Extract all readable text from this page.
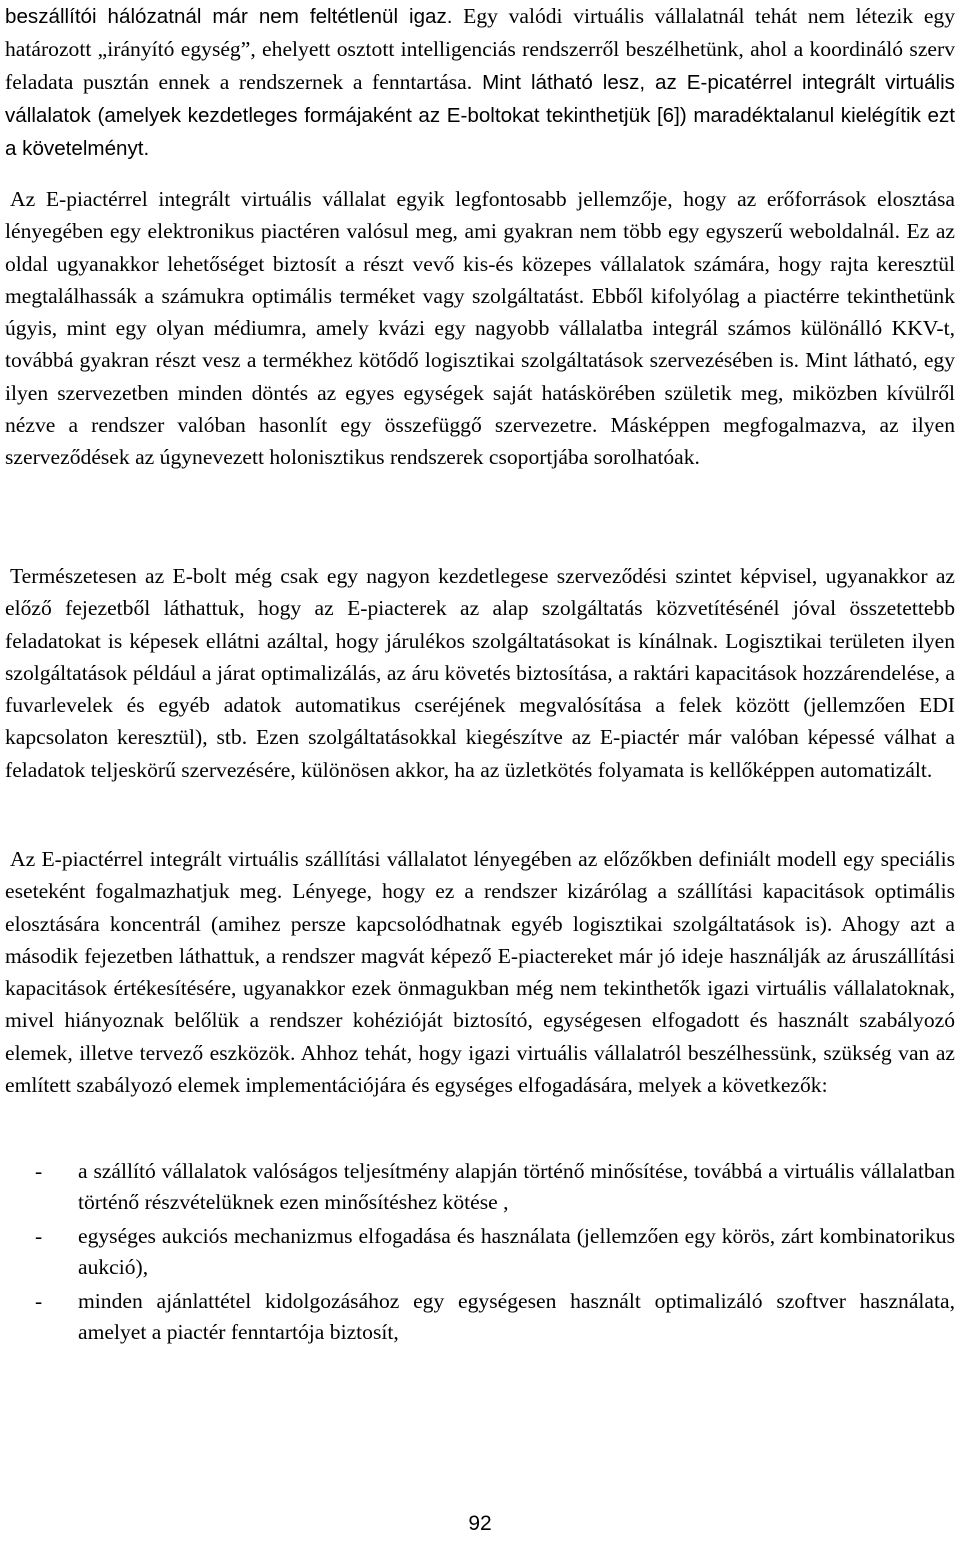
beszállítói hálózatnál már nem feltétlenül igaz. Egy valódi virtuális vállalatnál tehát nem létezik egy határozott „irányító egység”, ehelyett osztott intelligenciás rendszerről beszélhetünk, ahol a koordináló szerv feladata pusztán ennek a rendszernek a fenntartása. Mint látható lesz, az E-picatérrel integrált virtuális vállalatok (amelyek kezdetleges formájaként az E-boltokat tekinthetjük [6]) maradéktalanul kielégítik ezt a követelményt.

Az E-piactérrel integrált virtuális vállalat egyik legfontosabb jellemzője, hogy az erőforrások elosztása lényegében egy elektronikus piactéren valósul meg, ami gyakran nem több egy egyszerű weboldalnál. Ez az oldal ugyanakkor lehetőséget biztosít a részt vevő kis-és közepes vállalatok számára, hogy rajta keresztül megtalálhassák a számukra optimális terméket vagy szolgáltatást. Ebből kifolyólag a piactérre tekinthetünk úgyis, mint egy olyan médiumra, amely kvázi egy nagyobb vállalatba integrál számos különálló KKV-t, továbbá gyakran részt vesz a termékhez kötődő logisztikai szolgáltatások szervezésében is. Mint látható, egy ilyen szervezetben minden döntés az egyes egységek saját hatáskörében születik meg, miközben kívülről nézve a rendszer valóban hasonlít egy összefüggő szervezetre. Másképpen megfogalmazva, az ilyen szerveződések az úgynevezett holonisztikus rendszerek csoportjába sorolhatóak.

Természetesen az E-bolt még csak egy nagyon kezdetlegese szerveződési szintet képvisel, ugyanakkor az előző fejezetből láthattuk, hogy az E-piacterek az alap szolgáltatás közvetítésénél jóval összetettebb feladatokat is képesek ellátni azáltal, hogy járulékos szolgáltatásokat is kínálnak. Logisztikai területen ilyen szolgáltatások például a járat optimalizálás, az áru követés biztosítása, a raktári kapacitások hozzárendelése, a fuvarlevelek és egyéb adatok automatikus cseréjének megvalósítása a felek között (jellemzően EDI kapcsolaton keresztül), stb. Ezen szolgáltatásokkal kiegészítve az E-piactér már valóban képessé válhat a feladatok teljeskörű szervezésére, különösen akkor, ha az üzletkötés folyamata is kellőképpen automatizált.

Az E-piactérrel integrált virtuális szállítási vállalatot lényegében az előzőkben definiált modell egy speciális eseteként fogalmazhatjuk meg. Lényege, hogy ez a rendszer kizárólag a szállítási kapacitások optimális elosztására koncentrál (amihez persze kapcsolódhatnak egyéb logisztikai szolgáltatások is). Ahogy azt a második fejezetben láthattuk, a rendszer magvát képező E-piactereket már jó ideje használják az áruszállítási kapacitások értékesítésére, ugyanakkor ezek önmagukban még nem tekinthetők igazi virtuális vállalatoknak, mivel hiányoznak belőlük a rendszer kohézióját biztosító, egységesen elfogadott és használt szabályozó elemek, illetve tervező eszközök. Ahhoz tehát, hogy igazi virtuális vállalatról beszélhessünk, szükség van az említett szabályozó elemek implementációjára és egységes elfogadására, melyek a következők:

- a szállító vállalatok valóságos teljesítmény alapján történő minősítése, továbbá a virtuális vállalatban történő részvételüknek ezen minősítéshez kötése ,
- egységes aukciós mechanizmus elfogadása és használata (jellemzően egy körös, zárt kombinatorikus aukció),
- minden ajánlattétel kidolgozásához egy egységesen használt optimalizáló szoftver használata, amelyet a piactér fenntartója biztosít,
92
